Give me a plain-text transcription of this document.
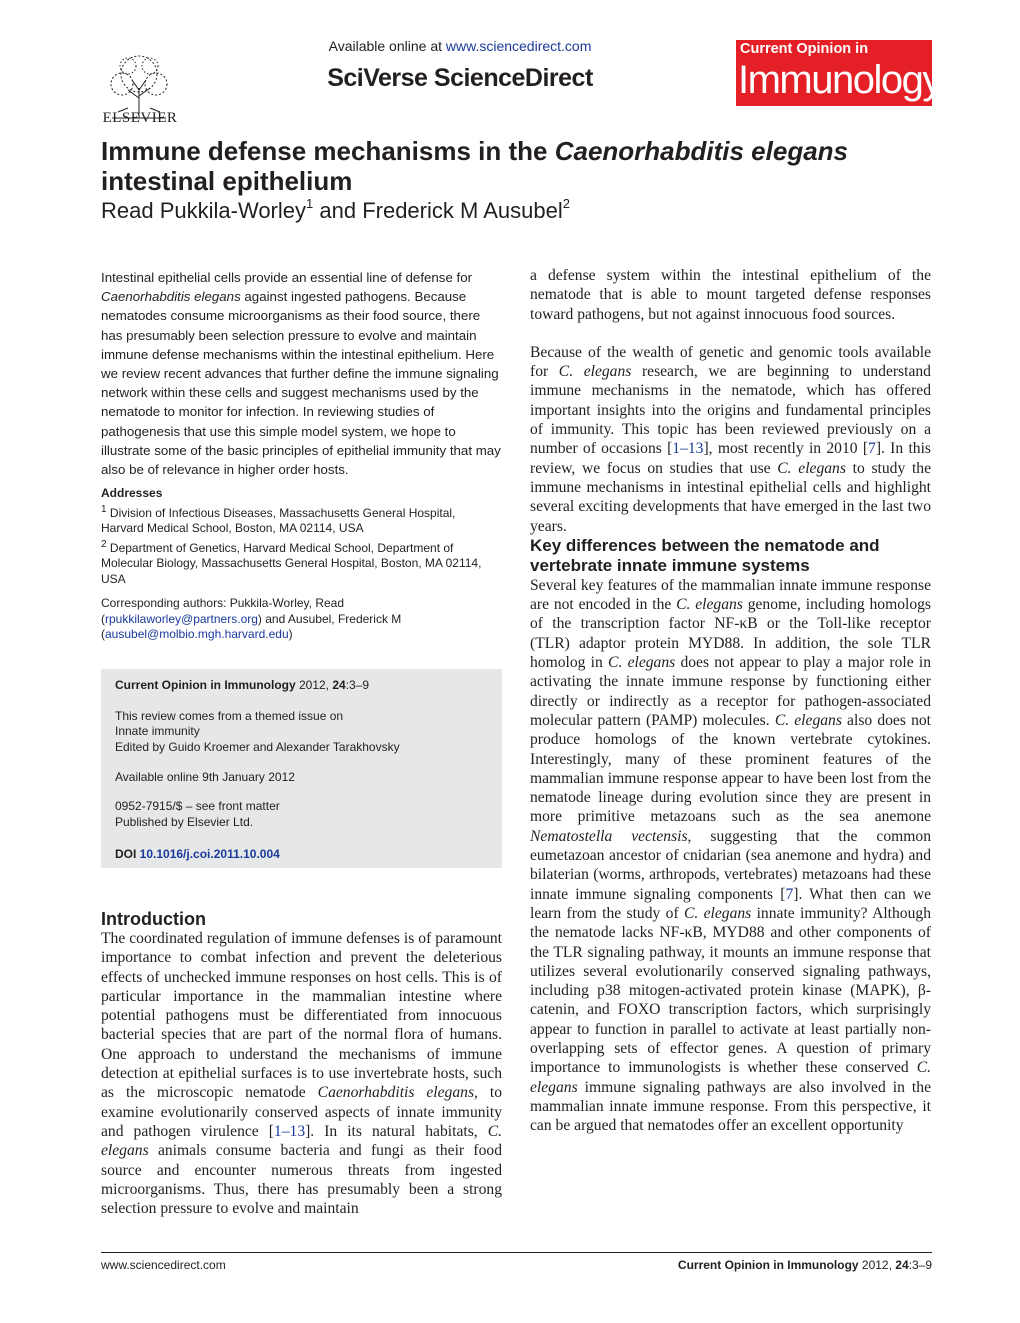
ELSEVIER
Available online at www.sciencedirect.com
SciVerse ScienceDirect
Current Opinion in
Immunology
Immune defense mechanisms in the Caenorhabditis elegans intestinal epithelium
Read Pukkila-Worley$^1$ and Frederick M Ausubel$^2$
Intestinal epithelial cells provide an essential line of defense for Caenorhabditis elegans against ingested pathogens. Because nematodes consume microorganisms as their food source, there has presumably been selection pressure to evolve and maintain immune defense mechanisms within the intestinal epithelium. Here we review recent advances that further define the immune signaling network within these cells and suggest mechanisms used by the nematode to monitor for infection. In reviewing studies of pathogenesis that use this simple model system, we hope to illustrate some of the basic principles of epithelial immunity that may also be of relevance in higher order hosts.

Addresses

$^1$ Division of Infectious Diseases, Massachusetts General Hospital, Harvard Medical School, Boston, MA 02114, USA

$^2$ Department of Genetics, Harvard Medical School, Department of Molecular Biology, Massachusetts General Hospital, Boston, MA 02114, USA

Corresponding authors: Pukkila-Worley, Read (rpukkilaworley@partners.org) and Ausubel, Frederick M (ausubel@molbio.mgh.harvard.edu)

Current Opinion in Immunology 2012, 24:3–9

This review comes from a themed issue on

Innate immunity

Edited by Guido Kroemer and Alexander Tarakhovsky

Available online 9th January 2012

0952-7915/$ – see front matter

Published by Elsevier Ltd.

DOI 10.1016/j.coi.2011.10.004

Introduction
The coordinated regulation of immune defenses is of paramount importance to combat infection and prevent the deleterious effects of unchecked immune responses on host cells. This is of particular importance in the mammalian intestine where potential pathogens must be differentiated from innocuous bacterial species that are part of the normal flora of humans. One approach to understand the mechanisms of immune detection at epithelial surfaces is to use invertebrate hosts, such as the microscopic nematode Caenorhabditis elegans, to examine evolutionarily conserved aspects of innate immunity and pathogen virulence [1–13]. In its natural habitats, C. elegans animals consume bacteria and fungi as their food source and encounter numerous threats from ingested microorganisms. Thus, there has presumably been a strong selection pressure to evolve and maintain

a defense system within the intestinal epithelium of the nematode that is able to mount targeted defense responses toward pathogens, but not against innocuous food sources.

Because of the wealth of genetic and genomic tools available for C. elegans research, we are beginning to understand immune mechanisms in the nematode, which has offered important insights into the origins and fundamental principles of immunity. This topic has been reviewed previously on a number of occasions [1–13], most recently in 2010 [7]. In this review, we focus on studies that use C. elegans to study the immune mechanisms in intestinal epithelial cells and highlight several exciting developments that have emerged in the last two years.

Key differences between the nematode and vertebrate innate immune systems

Several key features of the mammalian innate immune response are not encoded in the C. elegans genome, including homologs of the transcription factor NF-κB or the Toll-like receptor (TLR) adaptor protein MYD88. In addition, the sole TLR homolog in C. elegans does not appear to play a major role in activating the innate immune response by functioning either directly or indirectly as a receptor for pathogen-associated molecular pattern (PAMP) molecules. C. elegans also does not produce homologs of the known vertebrate cytokines. Interestingly, many of these prominent features of the mammalian immune response appear to have been lost from the nematode lineage during evolution since they are present in more primitive metazoans such as the sea anemone Nematostella vectensis, suggesting that the common eumetazoan ancestor of cnidarian (sea anemone and hydra) and bilaterian (worms, arthropods, vertebrates) metazoans had these innate immune signaling components [7]. What then can we learn from the study of C. elegans innate immunity? Although the nematode lacks NF-κB, MYD88 and other components of the TLR signaling pathway, it mounts an immune response that utilizes several evolutionarily conserved signaling pathways, including p38 mitogen-activated protein kinase (MAPK), β-catenin, and FOXO transcription factors, which surprisingly appear to function in parallel to activate at least partially non-overlapping sets of effector genes. A question of primary importance to immunologists is whether these conserved C. elegans immune signaling pathways are also involved in the mammalian innate immune response. From this perspective, it can be argued that nematodes offer an excellent opportunity

www.sciencedirect.com	Current Opinion in Immunology 2012, 24:3–9
